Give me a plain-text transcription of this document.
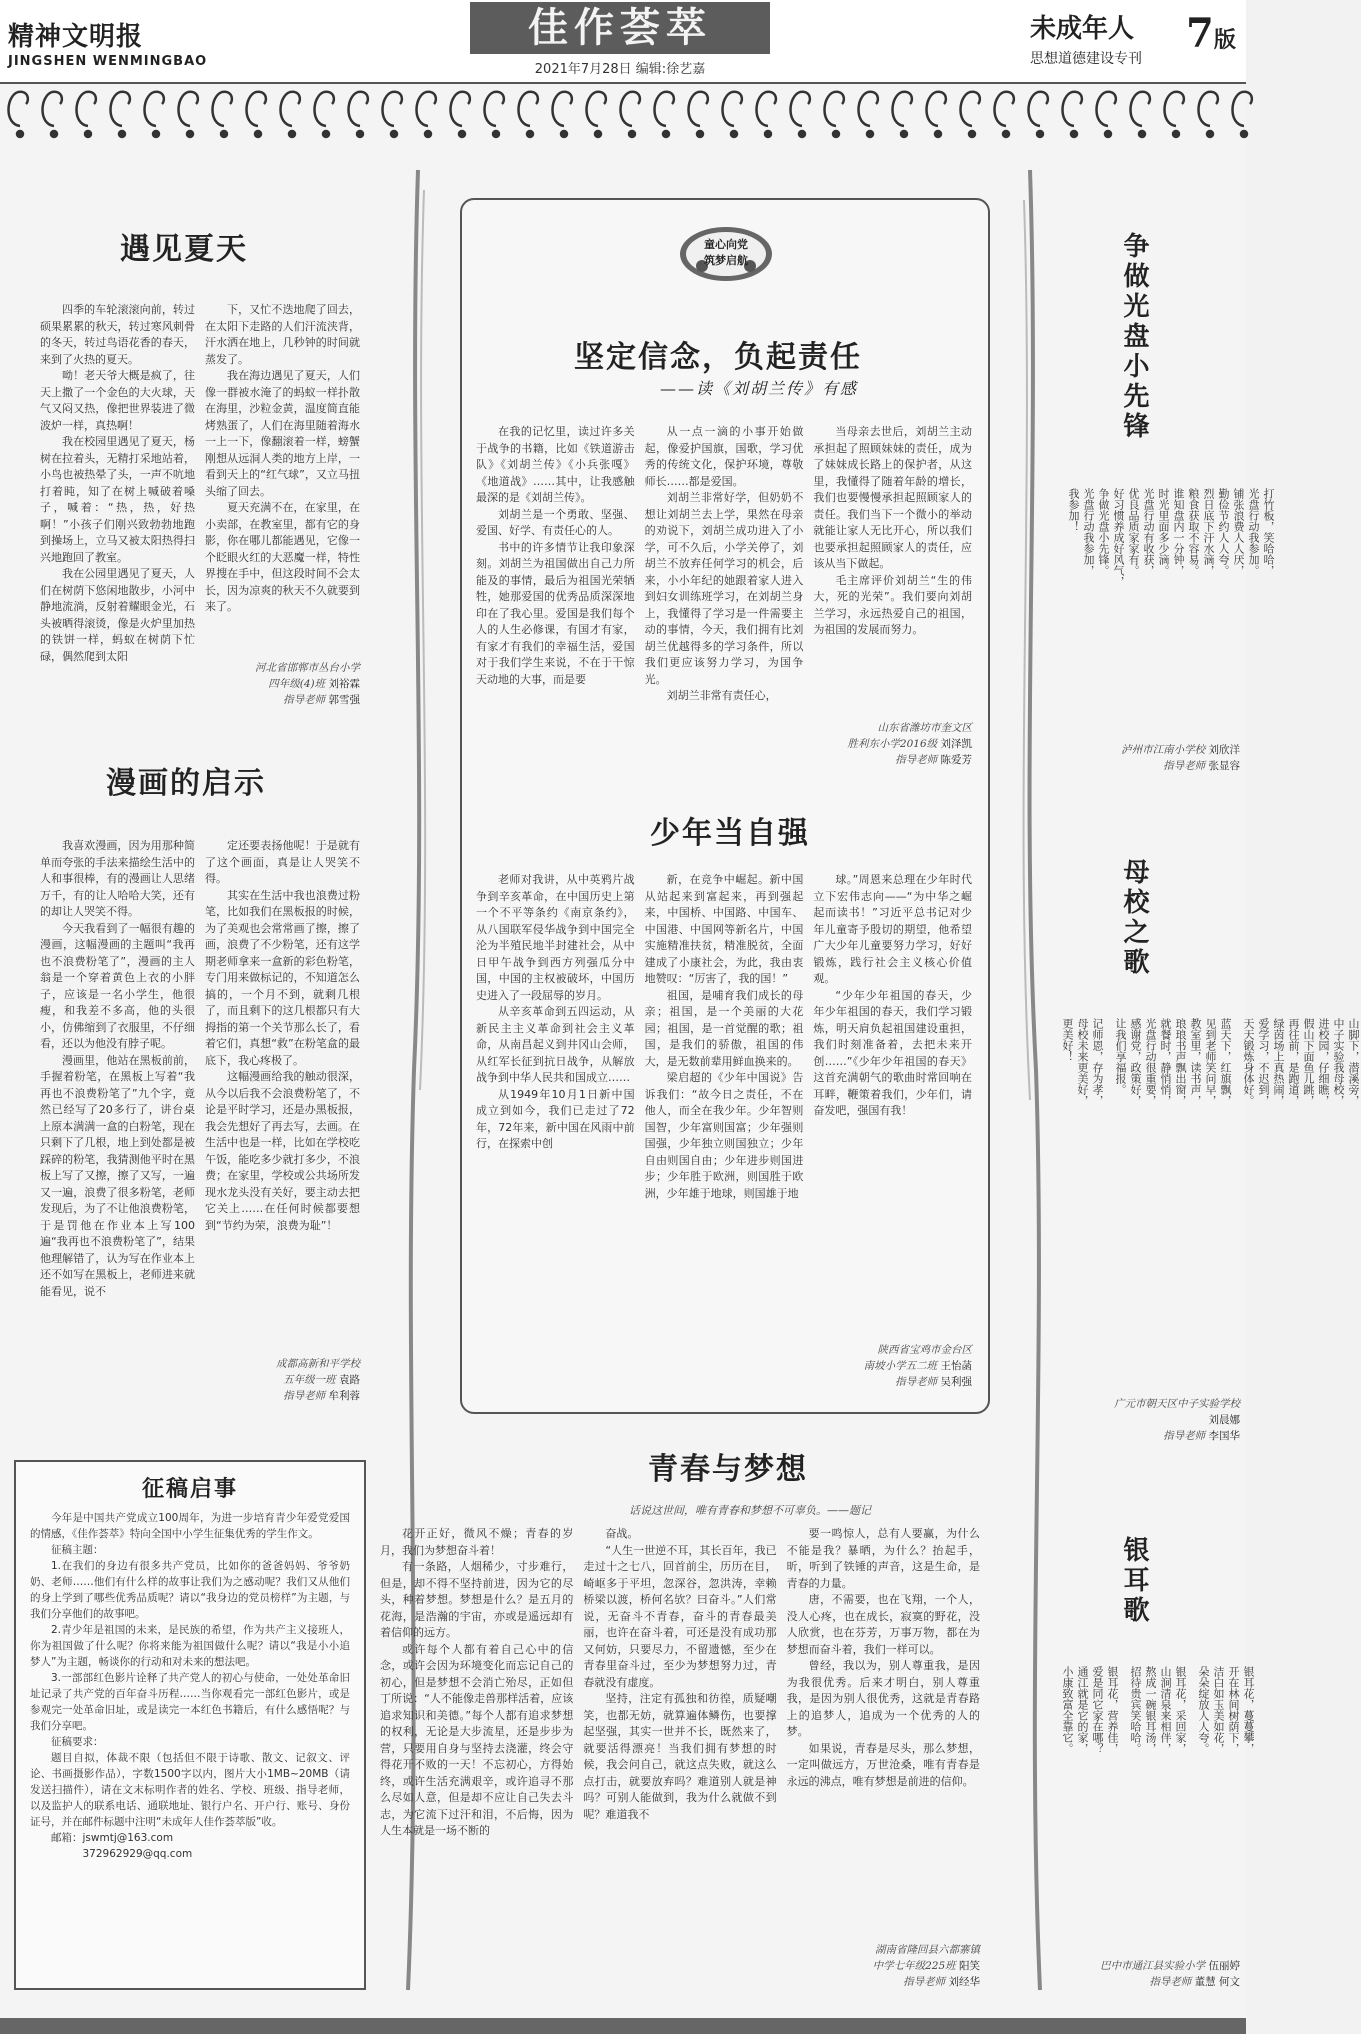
精神文明报
JINGSHEN WENMINGBAO
佳作荟萃
2021年7月28日 编辑:徐艺嘉
未成年人
思想道德建设专刊
7版
遇见夏天

四季的车轮滚滚向前，转过硕果累累的秋天，转过寒风刺骨的冬天，转过鸟语花香的春天，来到了火热的夏天。

呦！老天爷大概是疯了，往天上撒了一个金色的大火球，天气又闷又热，像把世界装进了微波炉一样，真热啊！

我在校园里遇见了夏天，杨树在拉着头，无精打采地站着，小鸟也被热晕了头，一声不吭地打着盹，知了在树上喊破着嗓子，喊着：“热，热，好热啊！”小孩子们刚兴致勃勃地跑到操场上，立马又被太阳热得扫兴地跑回了教室。

我在公园里遇见了夏天，人们在树荫下悠闲地散步，小河中静地流淌，反射着耀眼金光，石头被晒得滚烫，像是火炉里加热的铁饼一样，蚂蚁在树荫下忙碌，偶然爬到太阳

下，又忙不迭地爬了回去，在太阳下走路的人们汗流浃背，汗水洒在地上，几秒钟的时间就蒸发了。

我在海边遇见了夏天，人们像一群被水淹了的蚂蚁一样扑散在海里，沙粒金黄，温度简直能烤熟蛋了，人们在海里随着海水一上一下，像翻滚着一样，螃蟹刚想从远洞人类的地方上岸，一看到天上的“红气球”，又立马扭头缩了回去。

夏天充满不在，在家里，在小卖部，在教室里，都有它的身影，你在哪儿都能遇见，它像一个眨眼火红的大恶魔一样，特性界搜在手中，但这段时间不会太长，因为凉爽的秋天不久就要到来了。

河北省邯郸市丛台小学
四年级(4)班 刘裕霖
指导老师 郭雪强
漫画的启示

我喜欢漫画，因为用那种简单而夸张的手法来描绘生活中的人和事很棒，有的漫画让人思绪万千，有的让人哈哈大笑，还有的却让人哭笑不得。

今天我看到了一幅很有趣的漫画，这幅漫画的主题叫“我再也不浪费粉笔了”，漫画的主人翁是一个穿着黄色上衣的小胖子，应该是一名小学生，他很瘦，和我差不多高，他的头很小，仿佛缩到了衣服里，不仔细看，还以为他没有脖子呢。

漫画里，他站在黑板前前，手握着粉笔，在黑板上写着“我再也不浪费粉笔了”九个字，竟然已经写了20多行了，讲台桌上原本满满一盒的白粉笔，现在只剩下了几根，地上到处都是被踩碎的粉笔，我猜测他平时在黑板上写了又擦，擦了又写，一遍又一遍，浪费了很多粉笔，老师发现后，为了不让他浪费粉笔，于是罚他在作业本上写100遍“我再也不浪费粉笔了”，结果他理解错了，认为写在作业本上还不如写在黑板上，老师进来就能看见，说不

定还要表扬他呢！于是就有了这个画面，真是让人哭笑不得。

其实在生活中我也浪费过粉笔，比如我们在黑板报的时候，为了美观也会常常画了擦，擦了画，浪费了不少粉笔，还有这学期老师拿来一盒新的彩色粉笔，专门用来做标记的，不知道怎么搞的，一个月不到，就剩几根了，而且剩下的这几根都只有大拇指的第一个关节那么长了，看着它们，真想“救”在粉笔盒的最底下，我心疼极了。

这幅漫画给我的触动很深，从今以后我不会浪费粉笔了，不论是平时学习，还是办黑板报，我会先想好了再去写，去画。在生活中也是一样，比如在学校吃午饭，能吃多少就打多少，不浪费；在家里，学校或公共场所发现水龙头没有关好，要主动去把它关上……在任何时候都要想到“节约为荣，浪费为耻”！

成都高新和平学校
五年级一班 袁路
指导老师 牟利蓉
童心向党
筑梦启航
坚定信念，负起责任
——读《刘胡兰传》有感

在我的记忆里，读过许多关于战争的书籍，比如《铁道游击队》《刘胡兰传》《小兵张嘎》《地道战》……其中，让我感触最深的是《刘胡兰传》。

刘胡兰是一个勇敢、坚强、爱国、好学、有责任心的人。

书中的许多情节让我印象深刻。刘胡兰为祖国做出自己力所能及的事情，最后为祖国光荣牺牲，她那爱国的优秀品质深深地印在了我心里。爱国是我们每个人的人生必修课，有国才有家，有家才有我们的幸福生活，爱国对于我们学生来说，不在于干惊天动地的大事，而是要

从一点一滴的小事开始做起，像爱护国旗，国歌，学习优秀的传统文化，保护环境，尊敬师长……都是爱国。

刘胡兰非常好学，但奶奶不想让刘胡兰去上学，果然在母亲的劝说下，刘胡兰成功进入了小学，可不久后，小学关停了，刘胡兰不放弃任何学习的机会，后来，小小年纪的她跟着家人进入到妇女训练班学习，在刘胡兰身上，我懂得了学习是一件需要主动的事情，今天，我们拥有比刘胡兰优越得多的学习条件，所以我们更应该努力学习，为国争光。

刘胡兰非常有责任心，

当母亲去世后，刘胡兰主动承担起了照顾妹妹的责任，成为了妹妹成长路上的保护者，从这里，我懂得了随着年龄的增长，我们也要慢慢承担起照顾家人的责任。我们当下一个微小的举动就能让家人无比开心，所以我们也要承担起照顾家人的责任，应该从当下做起。

毛主席评价刘胡兰“生的伟大，死的光荣”。我们要向刘胡兰学习，永远热爱自己的祖国，为祖国的发展而努力。

山东省潍坊市奎文区
胜利东小学2016级 刘泽凯
指导老师 陈爱芳
少年当自强

老师对我讲，从中英鸦片战争到辛亥革命，在中国历史上第一个不平等条约《南京条约》，从八国联军侵华战争到中国完全沦为半殖民地半封建社会，从中日甲午战争到西方列强瓜分中国，中国的主权被破坏，中国历史进入了一段屈辱的岁月。

从辛亥革命到五四运动，从新民主主义革命到社会主义革命，从南昌起义到井冈山会师，从红军长征到抗日战争，从解放战争到中华人民共和国成立……

从1949年10月1日新中国成立到如今，我们已走过了72年，72年来，新中国在风雨中前行，在探索中创

新，在竞争中崛起。新中国从站起来到富起来，再到强起来，中国桥、中国路、中国车、中国港、中国网等新名片，中国实施精准扶贫，精准脱贫，全面建成了小康社会，为此，我由衷地赞叹：“厉害了，我的国！”

祖国，是哺育我们成长的母亲；祖国，是一个美丽的大花园；祖国，是一首觉醒的歌；祖国，是我们的骄傲，祖国的伟大，是无数前辈用鲜血换来的。

梁启超的《少年中国说》告诉我们：“故今日之责任，不在他人，而全在我少年。少年智则国智，少年富则国富；少年强则国强，少年独立则国独立；少年自由则国自由；少年进步则国进步；少年胜于欧洲，则国胜于欧洲，少年雄于地球，则国雄于地

球。”周恩来总理在少年时代立下宏伟志向——“为中华之崛起而读书！”习近平总书记对少年儿童寄予殷切的期望，他希望广大少年儿童要努力学习，好好锻炼，践行社会主义核心价值观。

“少年少年祖国的春天，少年少年祖国的春天，我们学习锻炼，明天肩负起祖国建设重担，我们时刻准备着，去把未来开创……”《少年少年祖国的春天》这首充满朝气的歌曲时常回响在耳畔，鞭策着我们，少年们，请奋发吧，强国有我！

陕西省宝鸡市金台区
南坡小学五二班 王怡菡
指导老师 吴利强
争做光盘小先锋
打竹板，笑哈哈，
光盘行动我参加。
铺张浪费人人厌，
勤俭节约人人夸。
烈日底下汗水滴，
粮食获取不容易。
谁知盘内一分钟，
时光里面多少滴。
光盘行动有收获，
优良品质家家有。
好习惯养成好风气，
争做光盘小先锋。
光盘行动我参加，
我参加！
泸州市江南小学校 刘欣洋
指导老师 张显容
母校之歌
山脚下，潜溪旁，
中子实验我母校，
进校园，仔细瞧，
假山下面鱼儿跳，
再往前，是跑道，
绿茵场上真热闹，
爱学习，不迟到，
天天锻炼身体好。
蓝天下，红旗飘，
见到老师笑问早，
教室里，读书声，
琅琅书声飘出窗，
就餐时，静悄悄，
光盘行动很重要，
感谢党，政策好，
让我们享福报。
记师恩，存为孝，
母校未来更美好，
更美好！
广元市朝天区中子实验学校
刘晨娜
指导老师 李国华
银耳歌
银耳花，蔓蔓攀，
开在林间树荫下，
洁白如玉美如花，
朵朵绽放人人夸。
银耳花，采回家，
山涧清泉来相伴，
熬成一碗银耳汤，
招待贵宾笑哈哈。
银耳花，营养佳，
爱是同它家在哪？
通江就是它的家，
小康致富全靠它。
巴中市通江县实验小学 伍丽婷
指导老师 董慧 何文
征稿启事

今年是中国共产党成立100周年，为进一步培育青少年爱党爱国的情感，《佳作荟萃》特向全国中小学生征集优秀的学生作文。

征稿主题：

1.在我们的身边有很多共产党员，比如你的爸爸妈妈、爷爷奶奶、老师……他们有什么样的故事让我们为之感动呢？我们又从他们的身上学到了哪些优秀品质呢？请以“我身边的党员榜样”为主题，与我们分享他们的故事吧。

2.青少年是祖国的未来，是民族的希望，作为共产主义接班人，你为祖国做了什么呢？你将来能为祖国做什么呢？请以“我是小小追梦人”为主题，畅谈你的行动和对未来的想法吧。

3.一部部红色影片诠释了共产党人的初心与使命，一处处革命旧址记录了共产党的百年奋斗历程……当你观看完一部红色影片，或是参观完一处革命旧址，或是读完一本红色书籍后，有什么感悟呢？与我们分享吧。

征稿要求：

题目自拟，体裁不限（包括但不限于诗歌、散文、记叙文、评论、书画摄影作品），字数1500字以内，图片大小1MB~20MB（请发送扫描件），请在文末标明作者的姓名、学校、班级、指导老师，以及监护人的联系电话、通联地址、银行户名、开户行、账号、身份证号，并在邮件标题中注明“未成年人佳作荟萃版”收。

邮箱：jswmtj@163.com

372962929@qq.com

青春与梦想
话说这世间，唯有青春和梦想不可辜负。——题记

花开正好，微风不燥；青春的岁月，我们为梦想奋斗着！

有一条路，人烟稀少，寸步难行，但是，却不得不坚持前进，因为它的尽头，种着梦想。梦想是什么？是五月的花海，是浩瀚的宇宙，亦或是遥远却有着信仰的远方。

或许每个人都有着自己心中的信念，或许会因为环境变化而忘记自己的初心，但是梦想不会消亡殆尽，正如但丁所说：“人不能像走兽那样活着，应该追求知识和美德。”每个人都有追求梦想的权利，无论是大步流星，还是步步为营，只要用自身与坚持去浇灌，终会守得花开不败的一天！不忘初心，方得始终，或许生活充满艰辛，或许追寻不那么尽如人意，但是却不应让自己失去斗志，为它流下过汗和泪，不后悔，因为人生本就是一场不断的

奋战。

“人生一世逆不耳，其长百年，我已走过十之七八，回首前尘，历历在目，崎岖多于平坦，忽深谷，忽洪涛，幸赖桥梁以渡，桥何名欤？曰奋斗。”人们常说，无奋斗不青春，奋斗的青春最美丽，也许在奋斗着，可还是没有成功那又何妨，只要尽力，不留遗憾，至少在青春里奋斗过，至少为梦想努力过，青春就没有虚度。

坚持，注定有孤独和彷徨，质疑嘲笑，也都无妨，就算遍体鳞伤，也要撑起坚强，其实一世并不长，既然来了，就要活得漂亮！当我们拥有梦想的时候，我会问自己，就这点失败，就这么点打击，就要放弃吗？难道别人就是神吗？可别人能做到，我为什么就做不到呢？难道我不

要一鸣惊人，总有人要赢，为什么不能是我？暴晒，为什么？抬起手，昕，听到了铁锤的声音，这是生命，是青春的力量。

唐，不需要，也在飞翔，一个人，没人心疼，也在成长，寂寞的野花，没人欣赏，也在芬芳，万事万物，都在为梦想而奋斗着，我们一样可以。

曾经，我以为，别人尊重我，是因为我很优秀。后来才明白，别人尊重我，是因为别人很优秀，这就是青春路上的追梦人，追成为一个优秀的人的梦。

如果说，青春是尽头，那么梦想，一定叫做远方，万世沧桑，唯有青春是永远的沸点，唯有梦想是前进的信仰。

湖南省隆回县六都寨镇
中学七年级225班 阳笑
指导老师 刘经华
